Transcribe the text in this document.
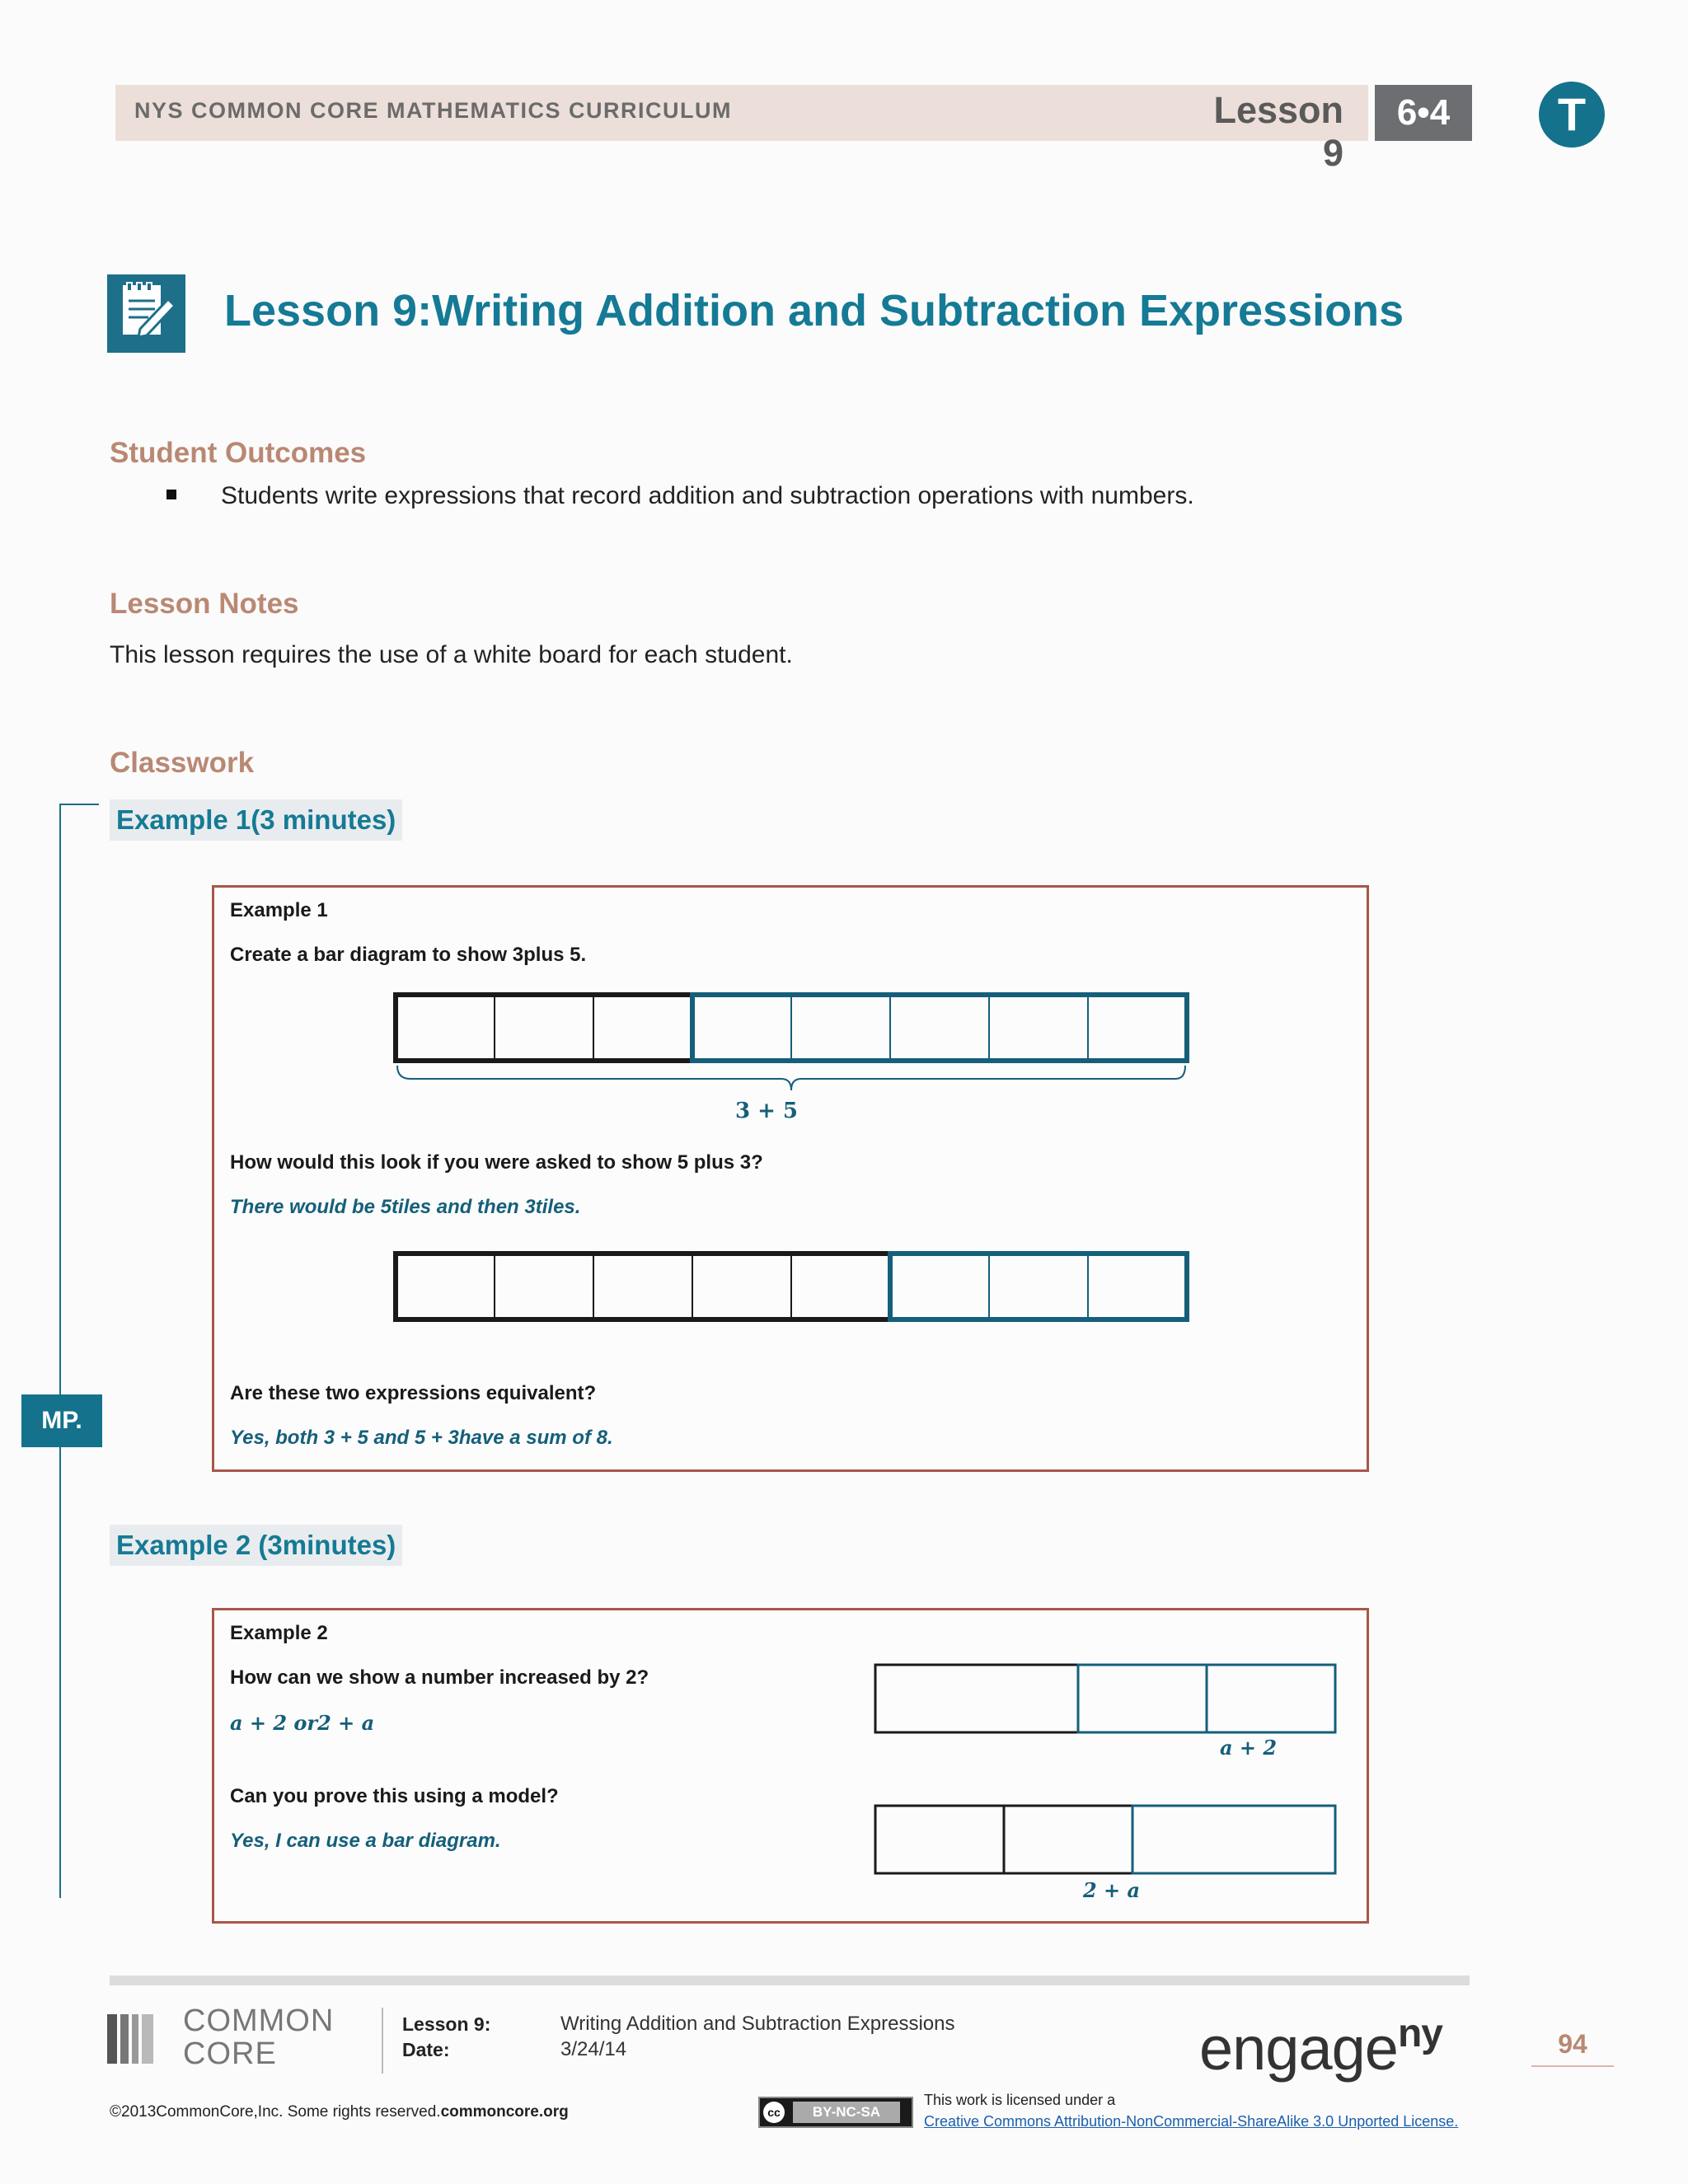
NYS COMMON CORE MATHEMATICS CURRICULUM	Lesson 9
6•4	T
Lesson 9:Writing Addition and Subtraction Expressions
Student Outcomes
Students write expressions that record addition and subtraction operations with numbers.
Lesson Notes
This lesson requires the use of a white board for each student.
Classwork
MP.
Example 1(3 minutes)
Example 1
Create a bar diagram to show 3plus 5.
3 + 5
How would this look if you were asked to show 5 plus 3?
There would be 5tiles and then 3tiles.
Are these two expressions equivalent?
Yes, both 3 + 5 and 5 + 3have a sum of 8.
Example 2 (3minutes)
Example 2
How can we show a number increased by 2?
a + 2 or2 + a
Can you prove this using a model?
Yes, I can use a bar diagram.
a + 2
2 + a
COMMON
CORE
Lesson 9:	Writing Addition and Subtraction Expressions
Date:	3/24/14	engage$^{ny}$	94
©2013CommonCore,Inc. Some rights reserved.commoncore.org	cc	BY-NC-SA
This work is licensed under a
Creative Commons Attribution-NonCommercial-ShareAlike 3.0 Unported License.
